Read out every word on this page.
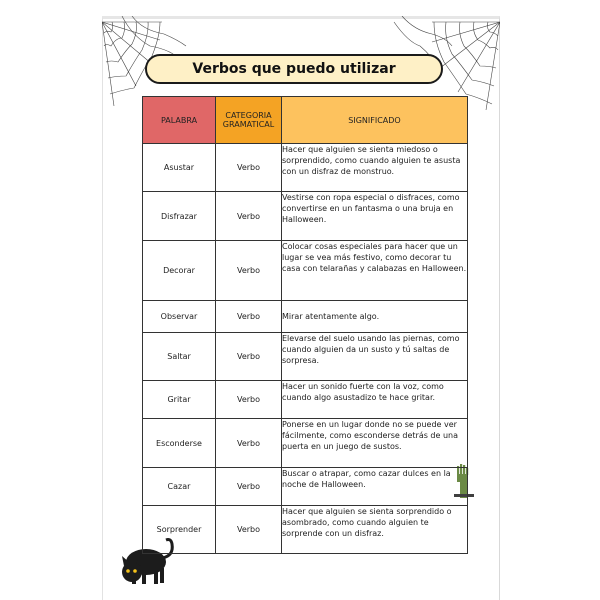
Verbos que puedo utilizar
PALABRA	CATEGORIA GRAMATICAL	SIGNIFICADO
Asustar	Verbo	Hacer que alguien se sienta miedoso o sorprendido, como cuando alguien te asusta con un disfraz de monstruo.
Disfrazar	Verbo	Vestirse con ropa especial o disfraces, como convertirse en un fantasma o una bruja en Halloween.
Decorar	Verbo	Colocar cosas especiales para hacer que un lugar se vea más festivo, como decorar tu casa con telarañas y calabazas en Halloween.
Observar	Verbo	Mirar atentamente algo.
Saltar	Verbo	Elevarse del suelo usando las piernas, como cuando alguien da un susto y tú saltas de sorpresa.
Gritar	Verbo	Hacer un sonido fuerte con la voz, como cuando algo asustadizo te hace gritar.
Esconderse	Verbo	Ponerse en un lugar donde no se puede ver fácilmente, como esconderse detrás de una puerta en un juego de sustos.
Cazar	Verbo	Buscar o atrapar, como cazar dulces en la noche de Halloween.
Sorprender	Verbo	Hacer que alguien se sienta sorprendido o asombrado, como cuando alguien te sorprende con un disfraz.
